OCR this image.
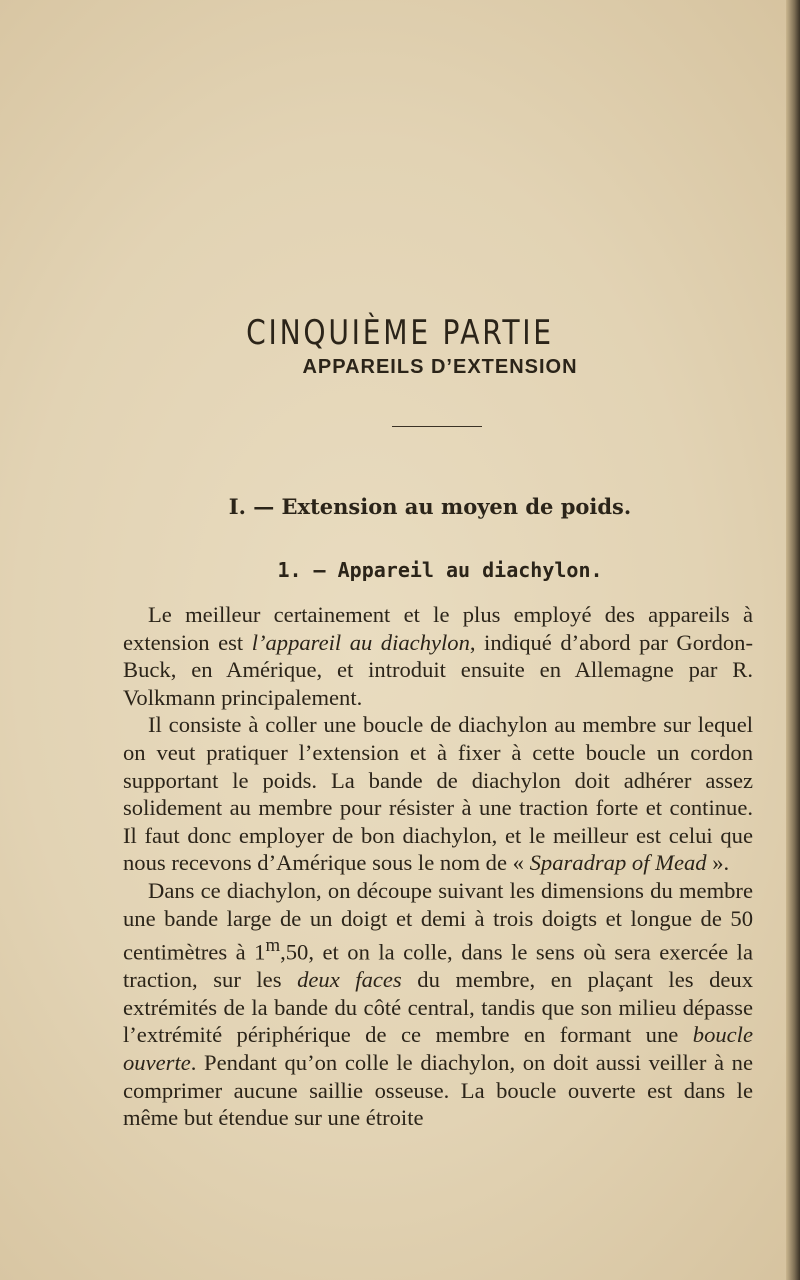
CINQUIÈME PARTIE
APPAREILS D’EXTENSION
I. — Extension au moyen de poids.
1. — Appareil au diachylon.

Le meilleur certainement et le plus employé des appareils à extension est l’appareil au diachylon, indiqué d’abord par Gordon-Buck, en Amérique, et introduit ensuite en Allemagne par R. Volkmann principalement.

Il consiste à coller une boucle de diachylon au membre sur lequel on veut pratiquer l’extension et à fixer à cette boucle un cordon supportant le poids. La bande de diachylon doit adhérer assez solidement au membre pour résister à une traction forte et continue. Il faut donc employer de bon diachylon, et le meilleur est celui que nous recevons d’Amérique sous le nom de « Sparadrap of Mead ».

Dans ce diachylon, on découpe suivant les dimensions du membre une bande large de un doigt et demi à trois doigts et longue de 50 centimètres à 1$^m$,50, et on la colle, dans le sens où sera exercée la traction, sur les deux faces du membre, en plaçant les deux extrémités de la bande du côté central, tandis que son milieu dépasse l’extrémité périphérique de ce membre en formant une boucle ouverte. Pendant qu’on colle le diachylon, on doit aussi veiller à ne comprimer aucune saillie osseuse. La boucle ouverte est dans le même but étendue sur une étroite
